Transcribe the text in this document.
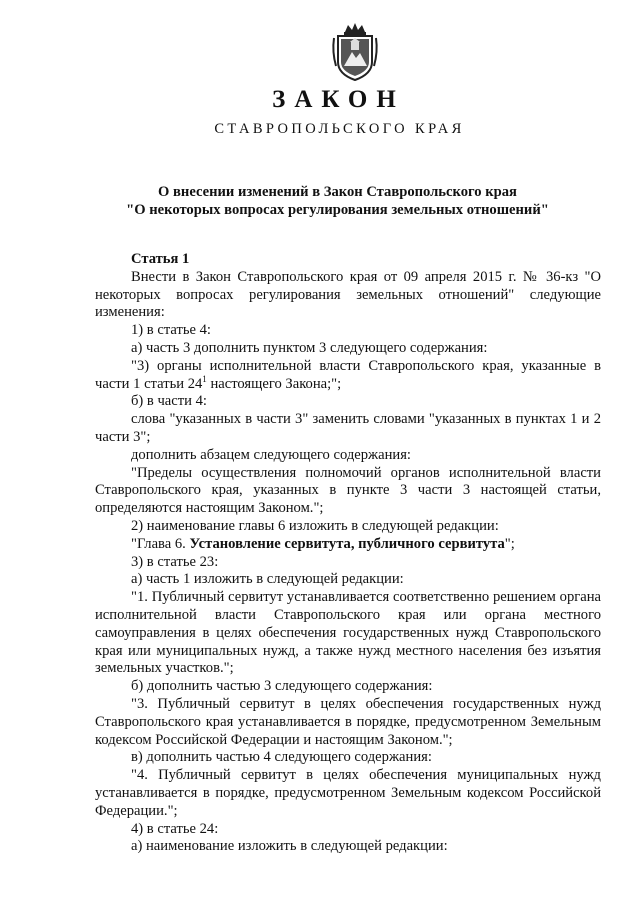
ЗАКОН
СТАВРОПОЛЬСКОГО КРАЯ
О внесении изменений в Закон Ставропольского края
"О некоторых вопросах регулирования земельных отношений"

Статья 1

Внести в Закон Ставропольского края от 09 апреля 2015 г. № 36-кз "О некоторых вопросах регулирования земельных отношений" следующие изменения:

1) в статье 4:

а) часть 3 дополнить пунктом 3 следующего содержания:

"3) органы исполнительной власти Ставропольского края, указанные в части 1 статьи $24^1$ настоящего Закона;";

б) в части 4:

слова "указанных в части 3" заменить словами "указанных в пунктах 1 и 2 части 3";

дополнить абзацем следующего содержания:

"Пределы осуществления полномочий органов исполнительной власти Ставропольского края, указанных в пункте 3 части 3 настоящей статьи, определяются настоящим Законом.";

2) наименование главы 6 изложить в следующей редакции:

"Глава 6. Установление сервитута, публичного сервитута";

3) в статье 23:

а) часть 1 изложить в следующей редакции:

"1. Публичный сервитут устанавливается соответственно решением органа исполнительной власти Ставропольского края или органа местного самоуправления в целях обеспечения государственных нужд Ставропольского края или муниципальных нужд, а также нужд местного населения без изъятия земельных участков.";

б) дополнить частью 3 следующего содержания:

"3. Публичный сервитут в целях обеспечения государственных нужд Ставропольского края устанавливается в порядке, предусмотренном Земельным кодексом Российской Федерации и настоящим Законом.";

в) дополнить частью 4 следующего содержания:

"4. Публичный сервитут в целях обеспечения муниципальных нужд устанавливается в порядке, предусмотренном Земельным кодексом Российской Федерации.";

4) в статье 24:

а) наименование изложить в следующей редакции:
